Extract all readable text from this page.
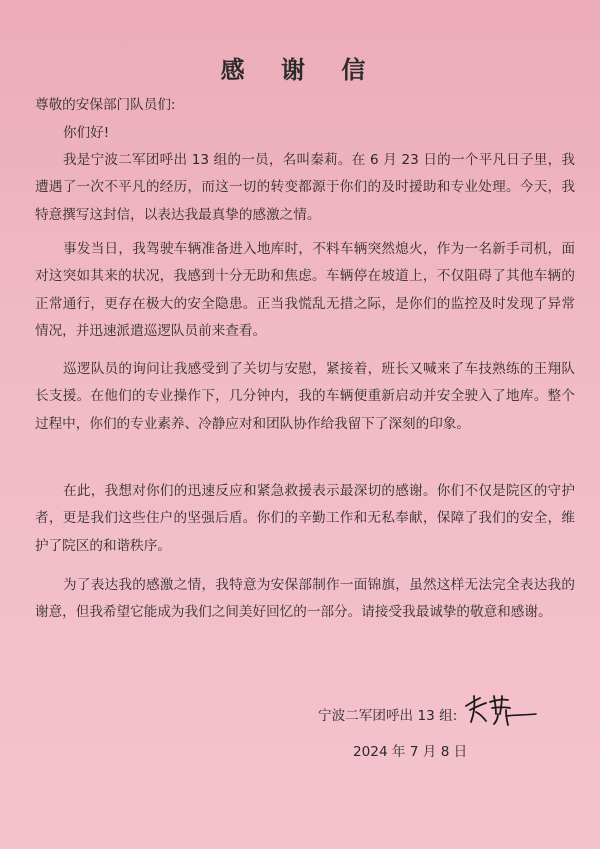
感 谢 信
尊敬的安保部门队员们:
你们好!
我是宁波二军团呼出 13 组的一员，名叫秦莉。在 6 月 23 日的一个平凡日子里，我遭遇了一次不平凡的经历，而这一切的转变都源于你们的及时援助和专业处理。今天，我特意撰写这封信，以表达我最真挚的感激之情。
事发当日，我驾驶车辆准备进入地库时，不料车辆突然熄火，作为一名新手司机，面对这突如其来的状况，我感到十分无助和焦虑。车辆停在坡道上，不仅阻碍了其他车辆的正常通行，更存在极大的安全隐患。正当我慌乱无措之际，是你们的监控及时发现了异常情况，并迅速派遣巡逻队员前来查看。
巡逻队员的询问让我感受到了关切与安慰，紧接着，班长又喊来了车技熟练的王翔队长支援。在他们的专业操作下，几分钟内，我的车辆便重新启动并安全驶入了地库。整个过程中，你们的专业素养、冷静应对和团队协作给我留下了深刻的印象。
在此，我想对你们的迅速反应和紧急救援表示最深切的感谢。你们不仅是院区的守护者，更是我们这些住户的坚强后盾。你们的辛勤工作和无私奉献，保障了我们的安全，维护了院区的和谐秩序。
为了表达我的感激之情，我特意为安保部制作一面锦旗，虽然这样无法完全表达我的谢意，但我希望它能成为我们之间美好回忆的一部分。请接受我最诚挚的敬意和感谢。
宁波二军团呼出 13 组:
2024 年 7 月 8 日
